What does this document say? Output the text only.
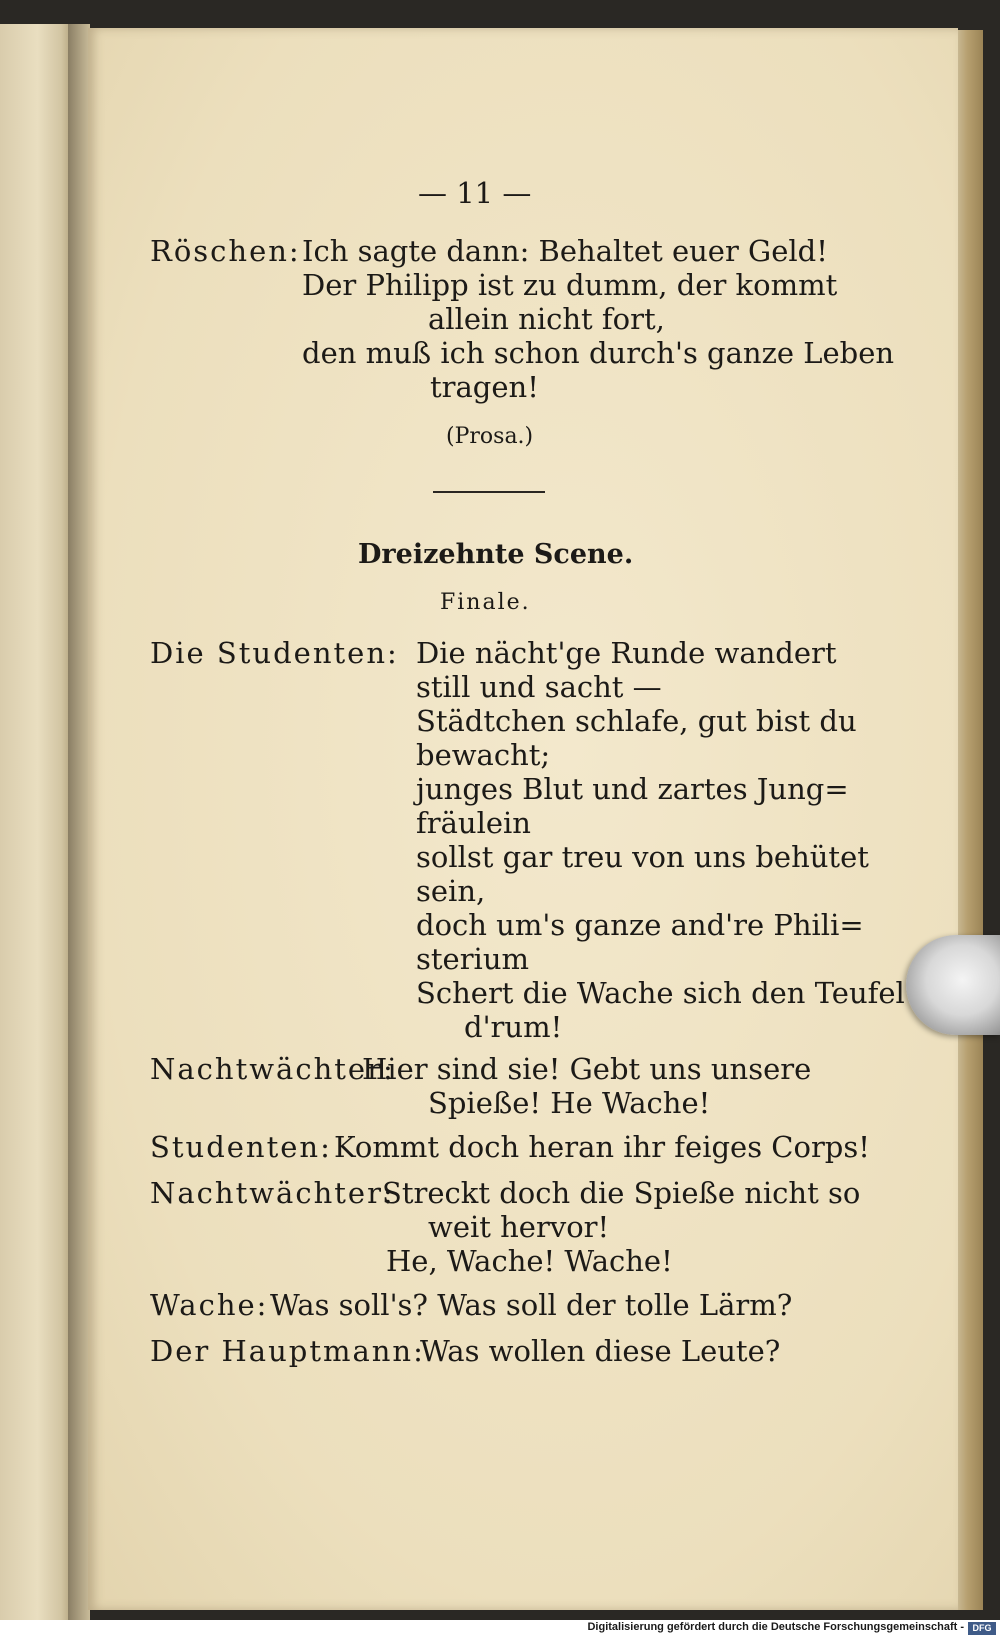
— 11 —
Röschen: Ich sagte dann: Behaltet euer Geld!
Der Philipp ist zu dumm, der kommt
allein nicht fort,
den muß ich schon durch's ganze Leben
tragen!
(Prosa.)
Dreizehnte Scene.
Finale.
Die Studenten: Die nächt'ge Runde wandert
still und sacht —
Städtchen schlafe, gut bist du
bewacht;
junges Blut und zartes Jung=
fräulein
sollst gar treu von uns behütet
sein,
doch um's ganze and're Phili=
sterium
Schert die Wache sich den Teufel
d'rum!
Nachtwächter:
Hier sind sie! Gebt uns unsere
Spieße! He Wache!
Studenten: Kommt doch heran ihr feiges Corps!
Nachtwächter:
Streckt doch die Spieße nicht so
weit hervor!
He, Wache! Wache!
Wache: Was soll's? Was soll der tolle Lärm?
Der Hauptmann:
Was wollen diese Leute?
Digitalisierung gefördert durch die Deutsche Forschungsgemeinschaft - DFG
